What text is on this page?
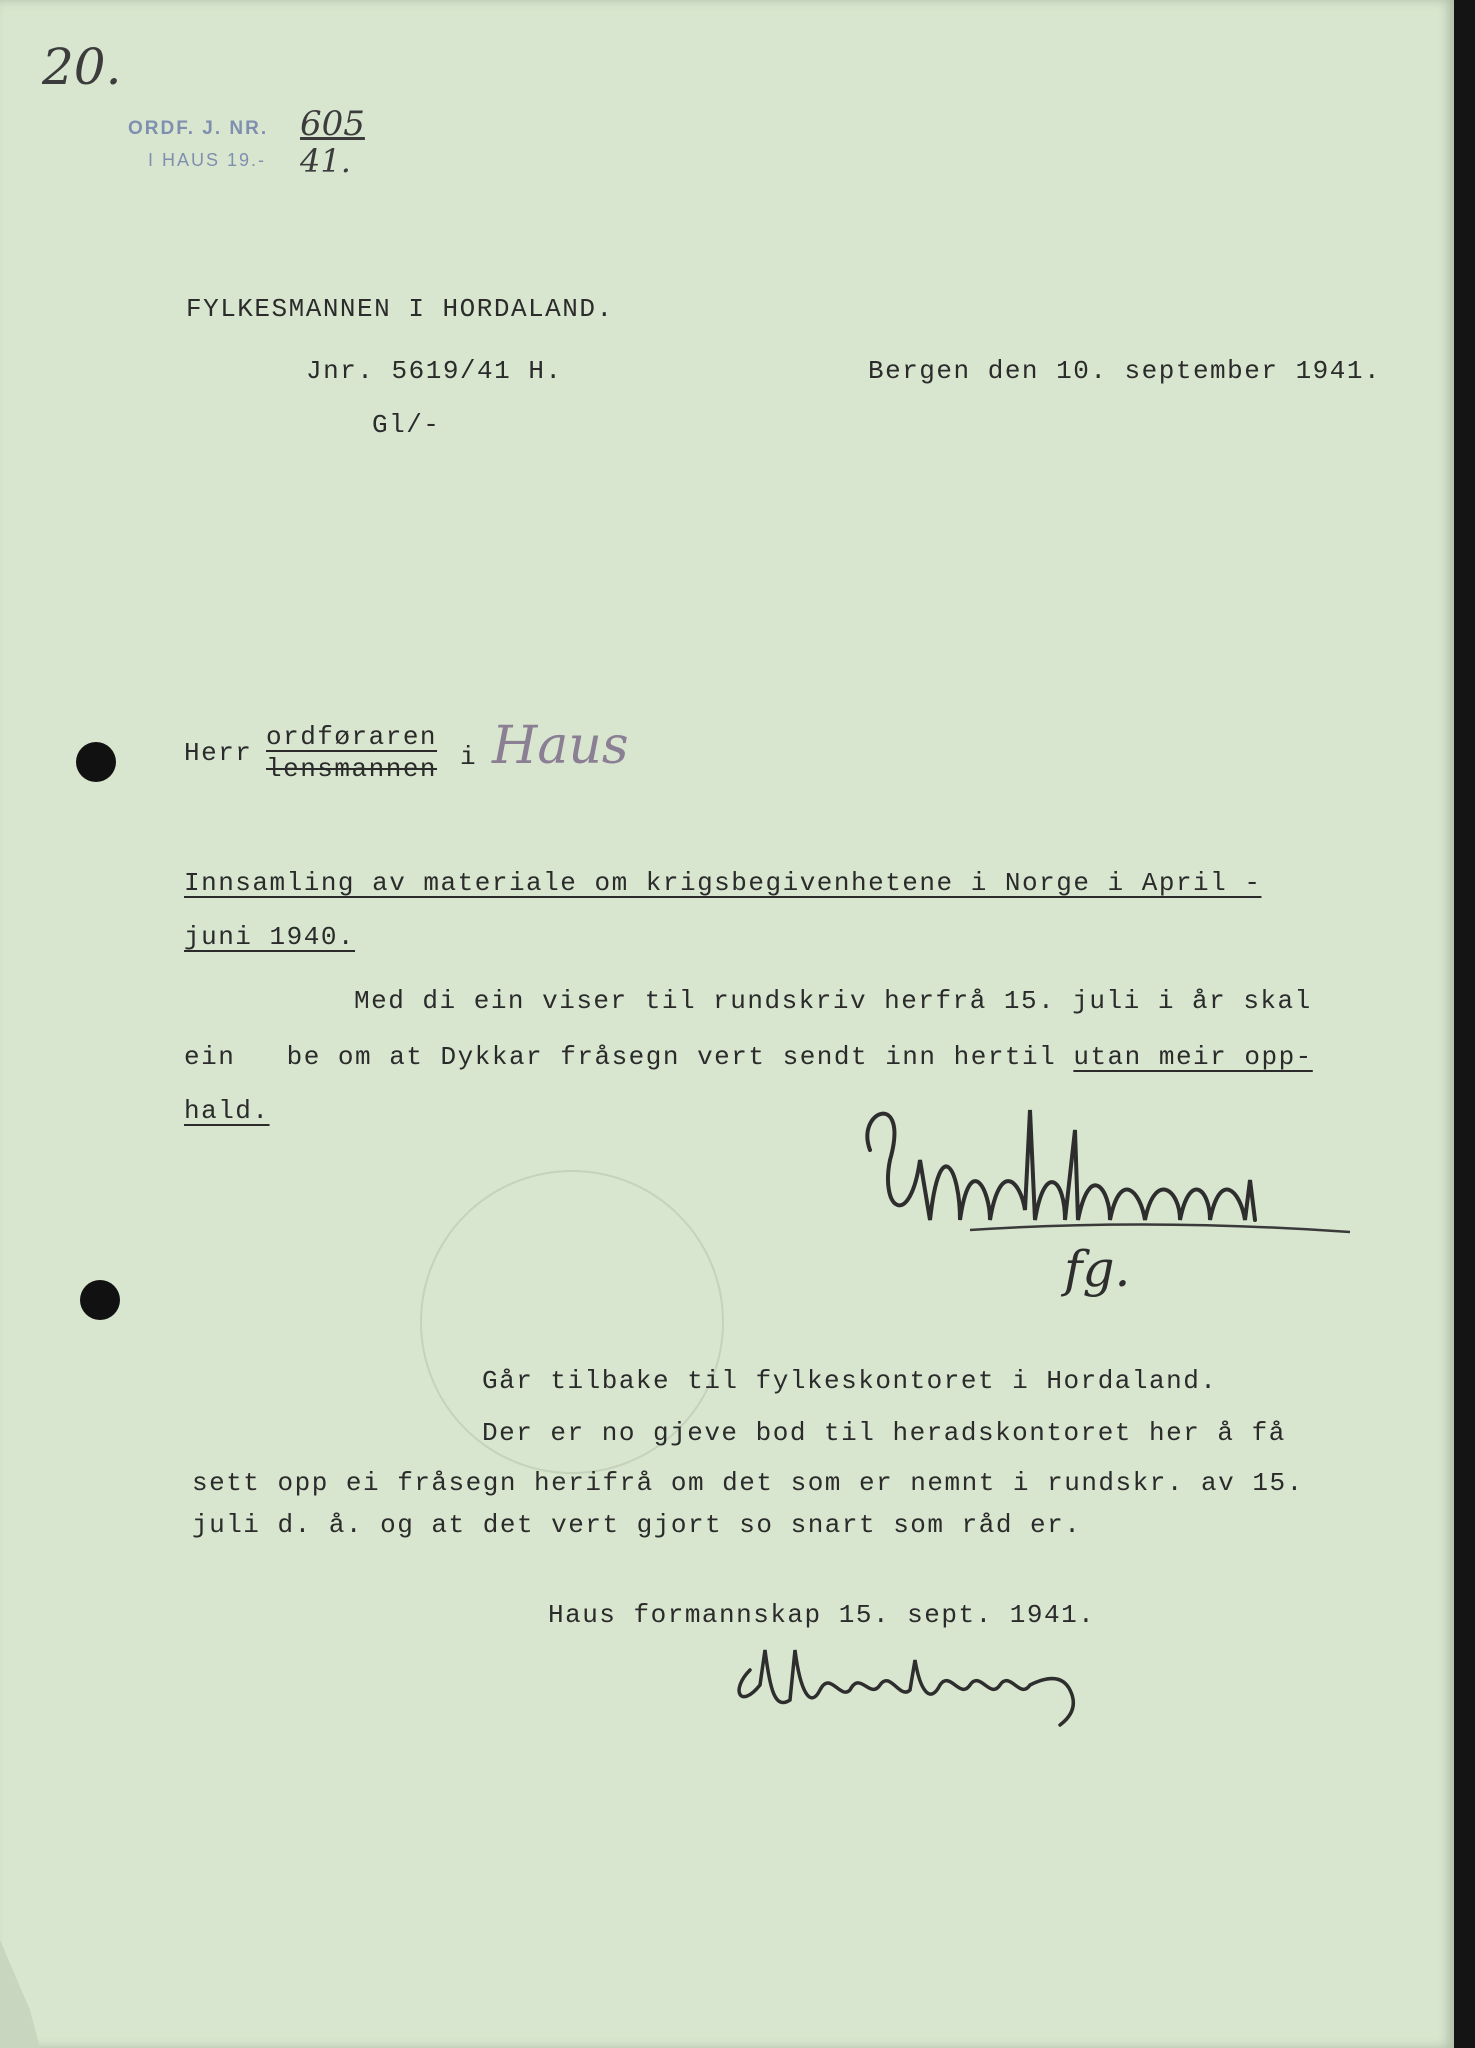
20.
ORDF. J. NR.
I HAUS 19.-
605
41.
FYLKESMANNEN I HORDALAND.
Jnr. 5619/41 H.	Bergen den 10. september 1941.
Gl/-
Herr
ordføraren
lensmannen i Haus
Innsamling av materiale om krigsbegivenhetene i Norge i April -
juni 1940.
Med di ein viser til rundskriv herfrå 15. juli i år skal
ein   be om at Dykkar fråsegn vert sendt inn hertil utan meir opp-
hald.
fg.
Går tilbake til fylkeskontoret i Hordaland.
Der er no gjeve bod til heradskontoret her å få
sett opp ei fråsegn herifrå om det som er nemnt i rundskr. av 15.
juli d. å. og at det vert gjort so snart som råd er.
Haus formannskap 15. sept. 1941.
